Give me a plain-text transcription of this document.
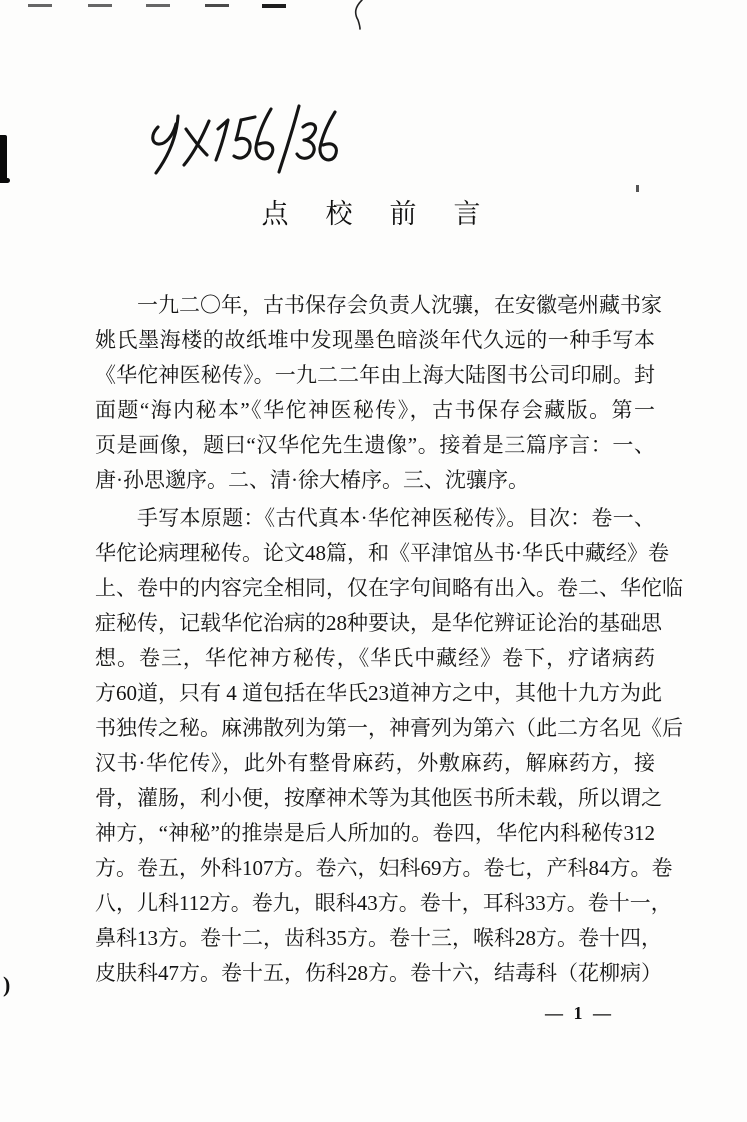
)
点　校　前　言
一九二〇年，古书保存会负责人沈骧，在安徽亳州藏书家
姚氏墨海楼的故纸堆中发现墨色暗淡年代久远的一种手写本
《华佗神医秘传》。一九二二年由上海大陆图书公司印刷。封
面题“海内秘本”《华佗神医秘传》，古书保存会藏版。第一
页是画像，题曰“汉华佗先生遗像”。接着是三篇序言：一、
唐·孙思邈序。二、清·徐大椿序。三、沈骧序。
手写本原题：《古代真本·华佗神医秘传》。目次：卷一、
华佗论病理秘传。论文48篇，和《平津馆丛书·华氏中藏经》卷
上、卷中的内容完全相同，仅在字句间略有出入。卷二、华佗临
症秘传，记载华佗治病的28种要诀，是华佗辨证论治的基础思
想。卷三，华佗神方秘传，《华氏中藏经》卷下，疗诸病药
方60道，只有 4 道包括在华氏23道神方之中，其他十九方为此
书独传之秘。麻沸散列为第一，神膏列为第六（此二方名见《后
汉书·华佗传》，此外有整骨麻药，外敷麻药，解麻药方，接
骨，灌肠，利小便，按摩神术等为其他医书所未载，所以谓之
神方，“神秘”的推崇是后人所加的。卷四，华佗内科秘传312
方。卷五，外科107方。卷六，妇科69方。卷七，产科84方。卷
八，儿科112方。卷九，眼科43方。卷十，耳科33方。卷十一，
鼻科13方。卷十二，齿科35方。卷十三，喉科28方。卷十四，
皮肤科47方。卷十五，伤科28方。卷十六，结毒科（花柳病）
— 1 —
